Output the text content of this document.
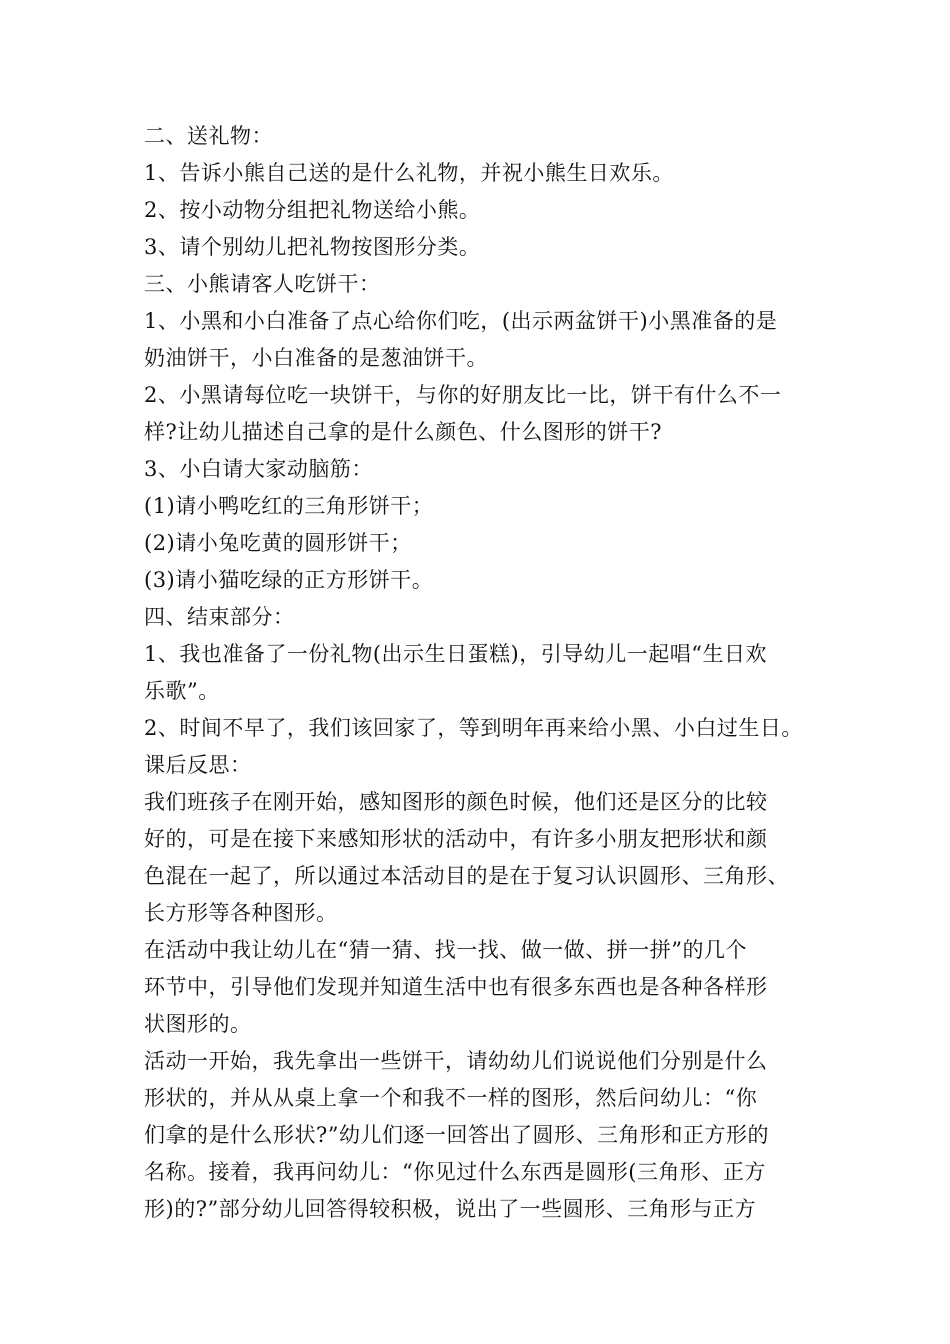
二、送礼物：
1、告诉小熊自己送的是什么礼物，并祝小熊生日欢乐。
2、按小动物分组把礼物送给小熊。
3、请个别幼儿把礼物按图形分类。
三、小熊请客人吃饼干：
1、小黑和小白准备了点心给你们吃，(出示两盆饼干)小黑准备的是
奶油饼干，小白准备的是葱油饼干。
2、小黑请每位吃一块饼干，与你的好朋友比一比，饼干有什么不一
样?让幼儿描述自己拿的是什么颜色、什么图形的饼干?
3、小白请大家动脑筋：
(1)请小鸭吃红的三角形饼干；
(2)请小兔吃黄的圆形饼干；
(3)请小猫吃绿的正方形饼干。
四、结束部分：
1、我也准备了一份礼物(出示生日蛋糕)，引导幼儿一起唱“生日欢
乐歌”。
2、时间不早了，我们该回家了，等到明年再来给小黑、小白过生日。
课后反思：
我们班孩子在刚开始，感知图形的颜色时候，他们还是区分的比较
好的，可是在接下来感知形状的活动中，有许多小朋友把形状和颜
色混在一起了，所以通过本活动目的是在于复习认识圆形、三角形、
长方形等各种图形。
在活动中我让幼儿在“猜一猜、找一找、做一做、拼一拼”的几个
环节中，引导他们发现并知道生活中也有很多东西也是各种各样形
状图形的。
活动一开始，我先拿出一些饼干，请幼幼儿们说说他们分别是什么
形状的，并从从桌上拿一个和我不一样的图形，然后问幼儿：“你
们拿的是什么形状?”幼儿们逐一回答出了圆形、三角形和正方形的
名称。接着，我再问幼儿：“你见过什么东西是圆形(三角形、正方
形)的?”部分幼儿回答得较积极，说出了一些圆形、三角形与正方
